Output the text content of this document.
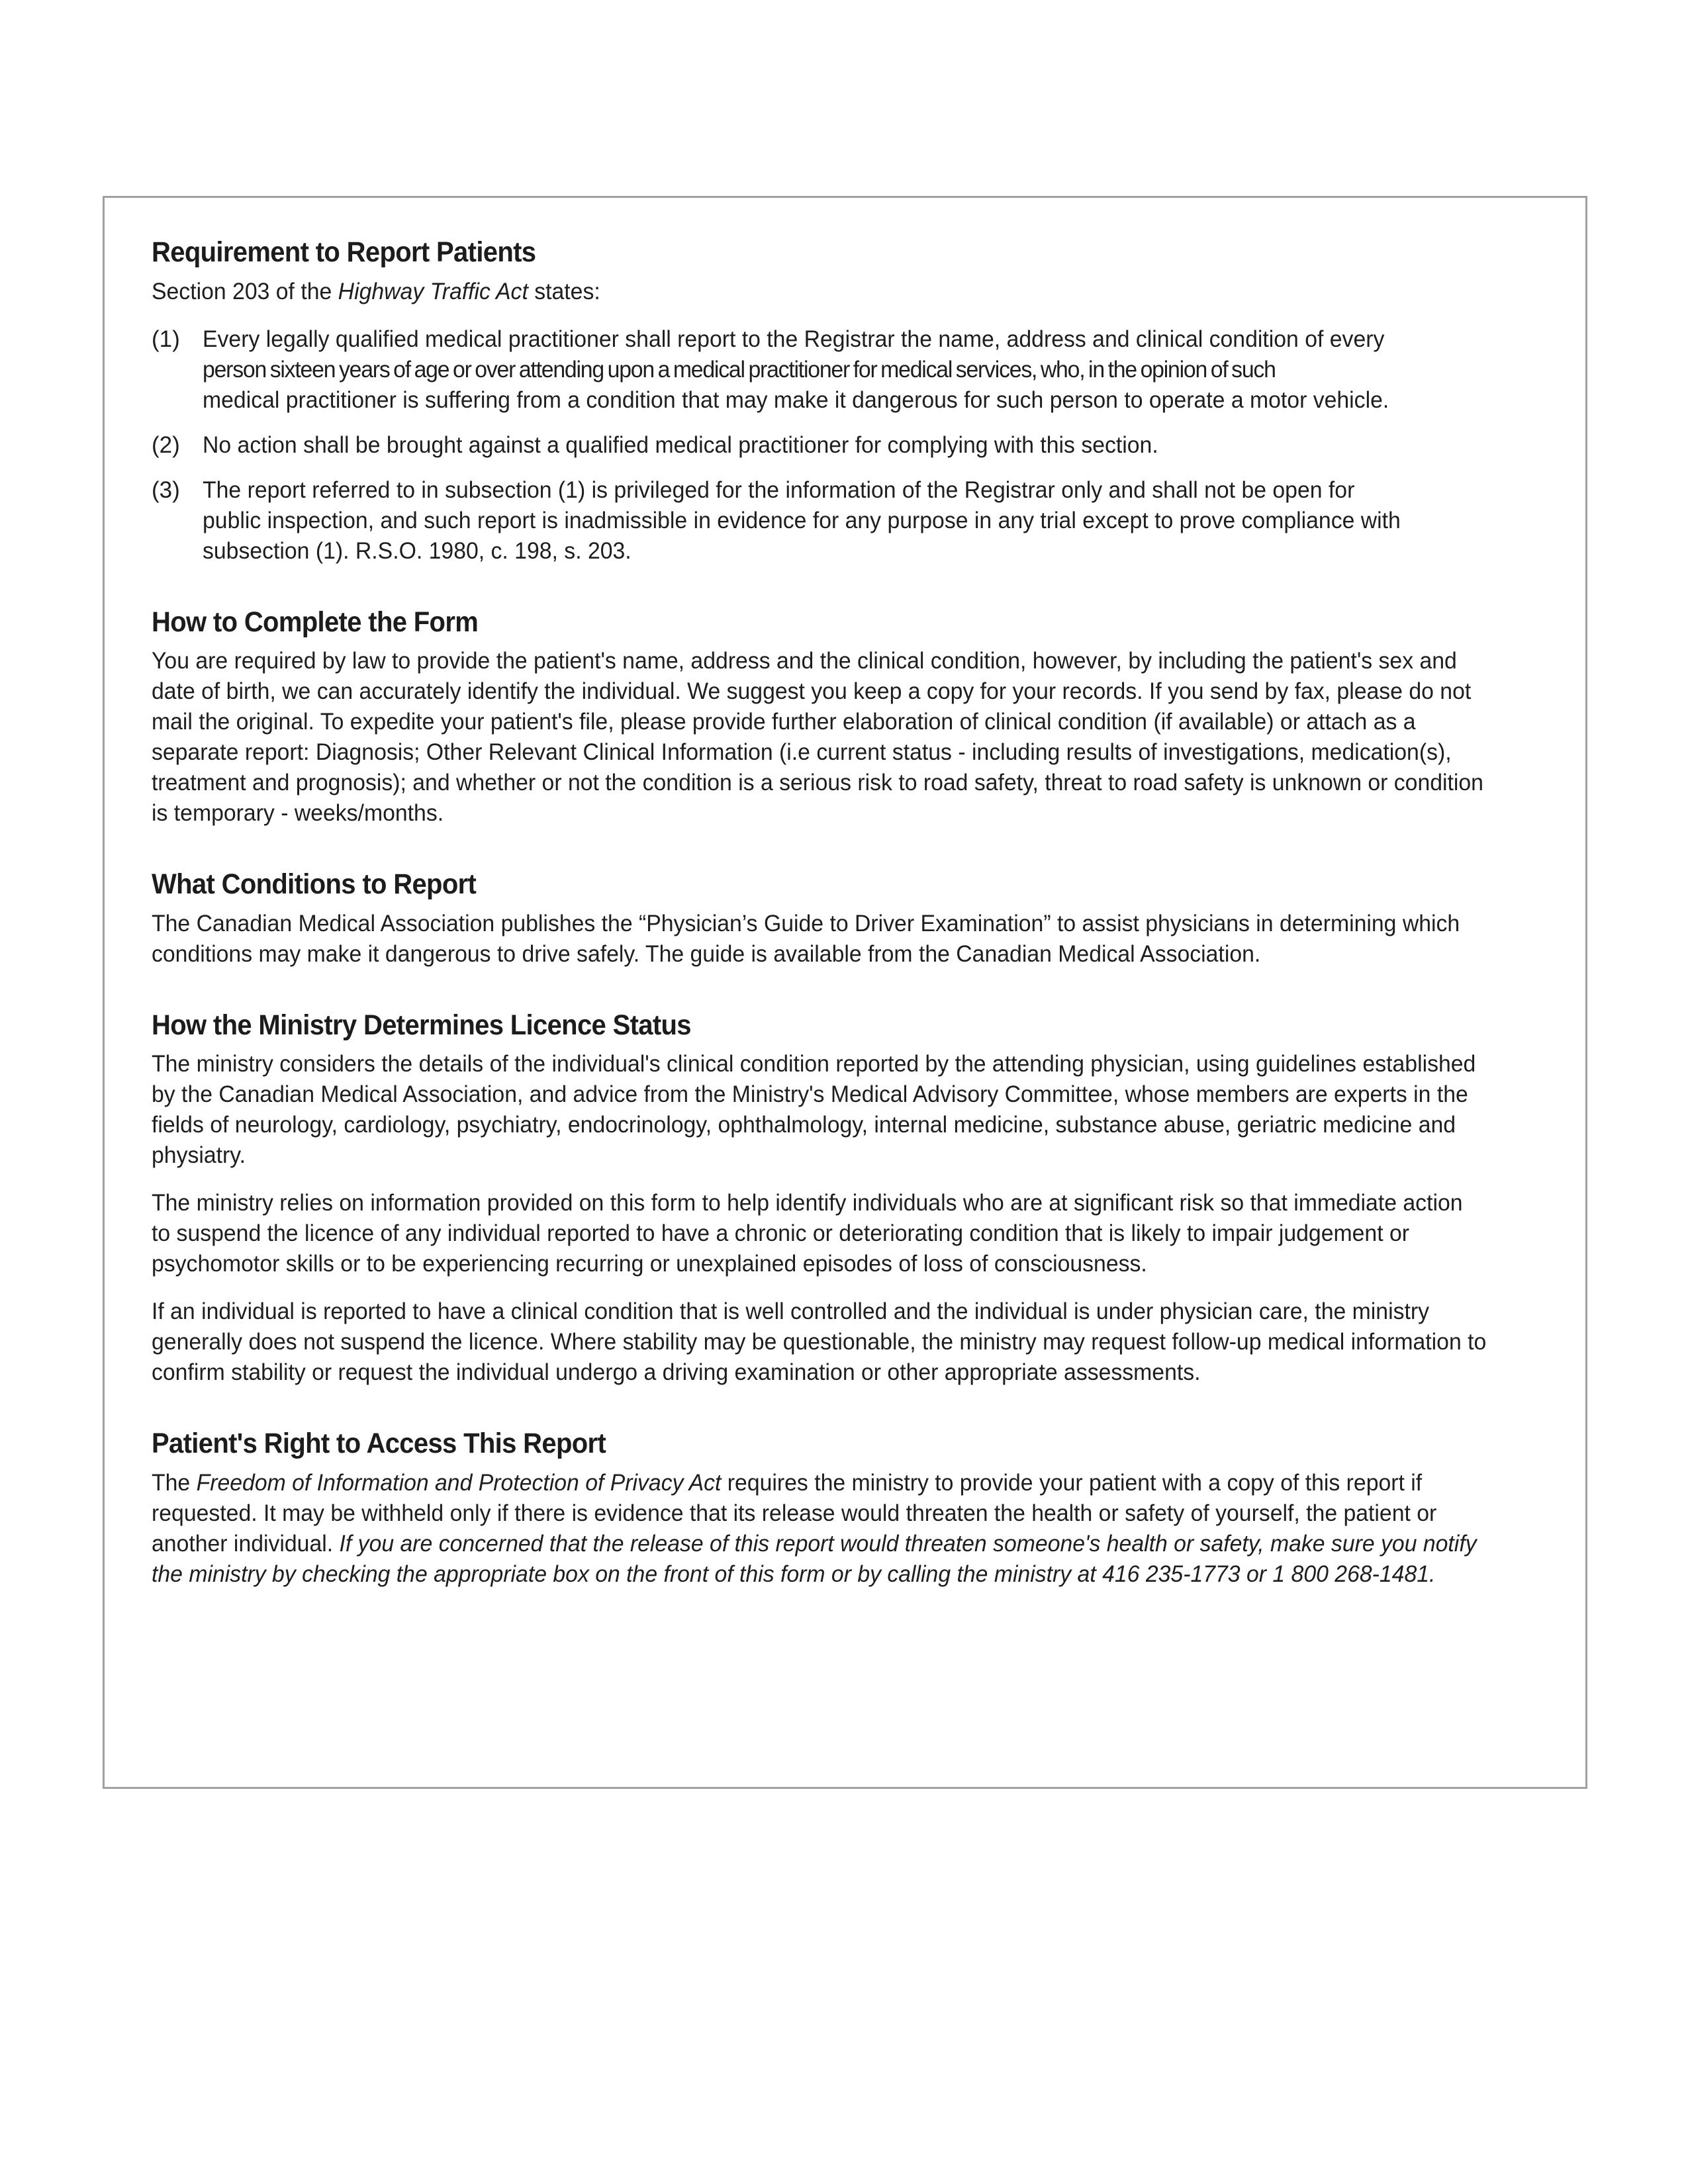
Requirement to Report Patients

Section 203 of the Highway Traffic Act states:

(1) Every legally qualified medical practitioner shall report to the Registrar the name, address and clinical condition of every
person sixteen years of age or over attending upon a medical practitioner for medical services, who, in the opinion of such
medical practitioner is suffering from a condition that may make it dangerous for such person to operate a motor vehicle.
(2) No action shall be brought against a qualified medical practitioner for complying with this section.
(3) The report referred to in subsection (1) is privileged for the information of the Registrar only and shall not be open for
public inspection, and such report is inadmissible in evidence for any purpose in any trial except to prove compliance with
subsection (1). R.S.O. 1980, c. 198, s. 203.
How to Complete the Form

You are required by law to provide the patient's name, address and the clinical condition, however, by including the patient's sex and date of birth, we can accurately identify the individual. We suggest you keep a copy for your records. If you send by fax, please do not mail the original. To expedite your patient's file, please provide further elaboration of clinical condition (if available) or attach as a separate report: Diagnosis; Other Relevant Clinical Information (i.e current status - including results of investigations, medication(s), treatment and prognosis); and whether or not the condition is a serious risk to road safety, threat to road safety is unknown or condition is temporary - weeks/months.

What Conditions to Report

The Canadian Medical Association publishes the “Physician’s Guide to Driver Examination” to assist physicians in determining which conditions may make it dangerous to drive safely. The guide is available from the Canadian Medical Association.

How the Ministry Determines Licence Status

The ministry considers the details of the individual's clinical condition reported by the attending physician, using guidelines established by the Canadian Medical Association, and advice from the Ministry's Medical Advisory Committee, whose members are experts in the fields of neurology, cardiology, psychiatry, endocrinology, ophthalmology, internal medicine, substance abuse, geriatric medicine and physiatry.

The ministry relies on information provided on this form to help identify individuals who are at significant risk so that immediate action to suspend the licence of any individual reported to have a chronic or deteriorating condition that is likely to impair judgement or psychomotor skills or to be experiencing recurring or unexplained episodes of loss of consciousness.

If an individual is reported to have a clinical condition that is well controlled and the individual is under physician care, the ministry generally does not suspend the licence. Where stability may be questionable, the ministry may request follow-up medical information to confirm stability or request the individual undergo a driving examination or other appropriate assessments.

Patient's Right to Access This Report

The Freedom of Information and Protection of Privacy Act requires the ministry to provide your patient with a copy of this report if requested. It may be withheld only if there is evidence that its release would threaten the health or safety of yourself, the patient or another individual. If you are concerned that the release of this report would threaten someone's health or safety, make sure you notify the ministry by checking the appropriate box on the front of this form or by calling the ministry at 416 235-1773 or 1 800 268-1481.
